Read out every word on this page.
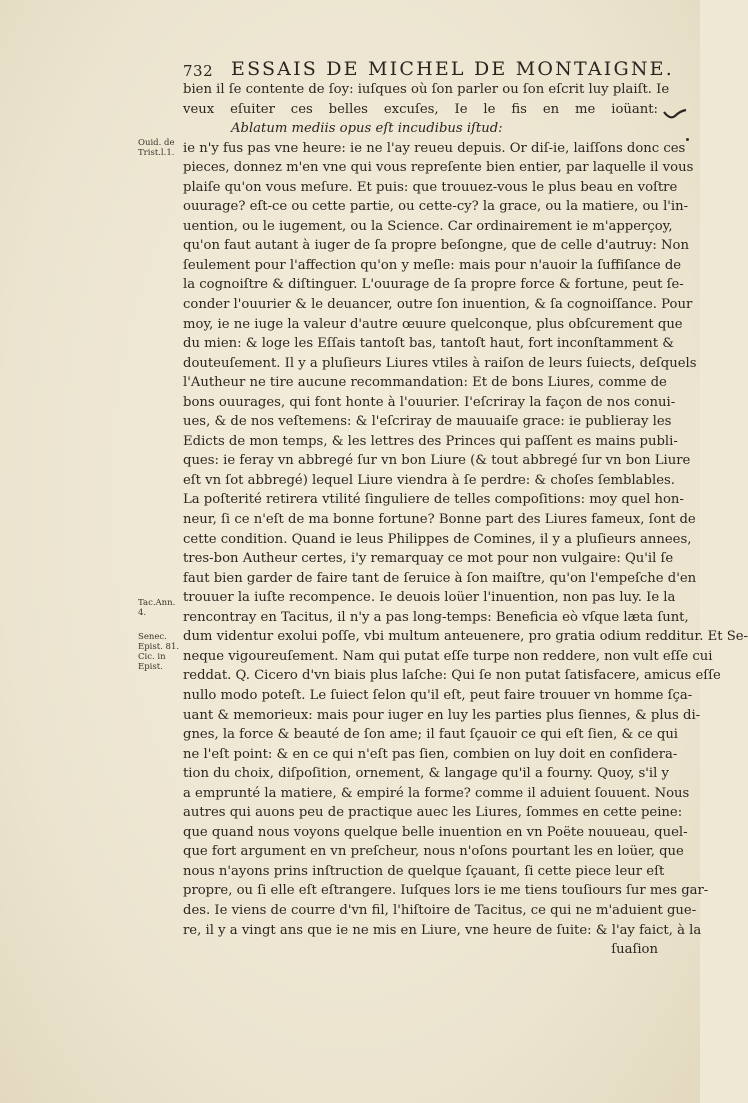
732 ESSAIS DE MICHEL DE MONTAIGNE.
Ouid. de
Trist.l.1.
Tac.Ann.
4.
Senec.
Epist. 81.
Cic. in
Epist.
bien il ſe contente de ſoy: iuſques où ſon parler ou ſon eſcrit luy plaiſt. Ie
veux eſuiter ces belles excuſes, Ie le fis en me ioüant:
Ablatum mediis opus eſt incudibus iſtud:
ie n'y fus pas vne heure: ie ne l'ay reueu depuis. Or diſ-ie, laiſſons donc ces
pieces, donnez m'en vne qui vous repreſente bien entier, par laquelle il vous
plaiſe qu'on vous meſure. Et puis: que trouuez-vous le plus beau en voſtre
ouurage? eſt-ce ou cette partie, ou cette-cy? la grace, ou la matiere, ou l'in-
uention, ou le iugement, ou la Science. Car ordinairement ie m'apperçoy,
qu'on faut autant à iuger de ſa propre beſongne, que de celle d'autruy: Non
ſeulement pour l'affection qu'on y meſle: mais pour n'auoir la ſuffiſance de
la cognoiſtre & diſtinguer. L'ouurage de ſa propre force & fortune, peut ſe-
conder l'ouurier & le deuancer, outre ſon inuention, & ſa cognoiſſance. Pour
moy, ie ne iuge la valeur d'autre œuure quelconque, plus obſcurement que
du mien: & loge les Eſſais tantoſt bas, tantoſt haut, fort inconſtamment &
douteuſement. Il y a pluſieurs Liures vtiles à raiſon de leurs ſuiects, deſquels
l'Autheur ne tire aucune recommandation: Et de bons Liures, comme de
bons ouurages, qui font honte à l'ouurier. I'eſcriray la façon de nos conui-
ues, & de nos veſtemens: & l'eſcriray de mauuaiſe grace: ie publieray les
Edicts de mon temps, & les lettres des Princes qui paſſent es mains publi-
ques: ie feray vn abbregé ſur vn bon Liure (& tout abbregé ſur vn bon Liure
eſt vn ſot abbregé) lequel Liure viendra à ſe perdre: & choſes ſemblables.
La poſterité retirera vtilité ſinguliere de telles compoſitions: moy quel hon-
neur, ſi ce n'eſt de ma bonne fortune? Bonne part des Liures fameux, ſont de
cette condition. Quand ie leus Philippes de Comines, il y a pluſieurs annees,
tres-bon Autheur certes, i'y remarquay ce mot pour non vulgaire: Qu'il ſe
faut bien garder de faire tant de ſeruice à ſon maiſtre, qu'on l'empeſche d'en
trouuer la iuſte recompence. Ie deuois loüer l'inuention, non pas luy. Ie la
rencontray en Tacitus, il n'y a pas long-temps: Beneficia eò vſque læta ſunt,
dum videntur exolui poſſe, vbi multum anteuenere, pro gratia odium redditur. Et Se-
neque vigoureuſement. Nam qui putat eſſe turpe non reddere, non vult eſſe cui
reddat. Q. Cicero d'vn biais plus laſche: Qui ſe non putat ſatisfacere, amicus eſſe
nullo modo poteſt. Le ſuiect ſelon qu'il eſt, peut faire trouuer vn homme ſça-
uant & memorieux: mais pour iuger en luy les parties plus ſiennes, & plus di-
gnes, la force & beauté de ſon ame; il faut ſçauoir ce qui eſt ſien, & ce qui
ne l'eſt point: & en ce qui n'eſt pas ſien, combien on luy doit en conſidera-
tion du choix, diſpoſition, ornement, & langage qu'il a fourny. Quoy, s'il y
a emprunté la matiere, & empiré la forme? comme il aduient ſouuent. Nous
autres qui auons peu de practique auec les Liures, ſommes en cette peine:
que quand nous voyons quelque belle inuention en vn Poëte nouueau, quel-
que fort argument en vn preſcheur, nous n'oſons pourtant les en loüer, que
nous n'ayons prins inſtruction de quelque ſçauant, ſi cette piece leur eſt
propre, ou ſi elle eſt eſtrangere. Iuſques lors ie me tiens touſiours ſur mes gar-
des. Ie viens de courre d'vn fil, l'hiſtoire de Tacitus, ce qui ne m'aduient gue-
re, il y a vingt ans que ie ne mis en Liure, vne heure de ſuite: & l'ay faict, à la
ſuaſion
